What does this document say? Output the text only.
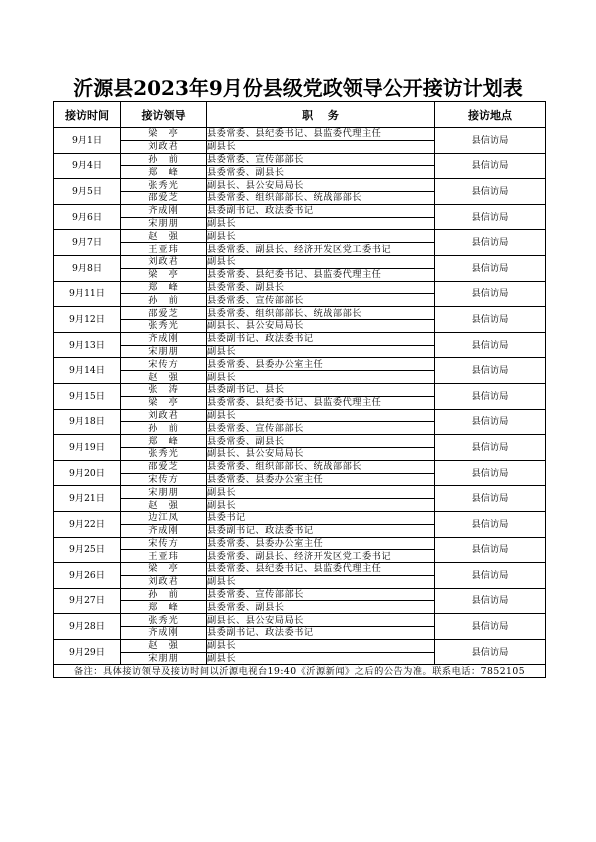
沂源县2023年9月份县级党政领导公开接访计划表
接访时间	接访领导	职　 务	接访地点
9月1日	梁　亭	县委常委、县纪委书记、县监委代理主任	县信访局
	刘政君	副县长	
9月4日	孙　前	县委常委、宣传部部长	县信访局
	郑　峰	县委常委、副县长	
9月5日	张秀光	副县长、县公安局局长	县信访局
	邵爱芝	县委常委、组织部部长、统战部部长	
9月6日	齐成刚	县委副书记、政法委书记	县信访局
	宋朋朋	副县长	
9月7日	赵　强	副县长	县信访局
	王亚玮	县委常委、副县长、经济开发区党工委书记	
9月8日	刘政君	副县长	县信访局
	梁　亭	县委常委、县纪委书记、县监委代理主任	
9月11日	郑　峰	县委常委、副县长	县信访局
	孙　前	县委常委、宣传部部长	
9月12日	邵爱芝	县委常委、组织部部长、统战部部长	县信访局
	张秀光	副县长、县公安局局长	
9月13日	齐成刚	县委副书记、政法委书记	县信访局
	宋朋朋	副县长	
9月14日	宋传方	县委常委、县委办公室主任	县信访局
	赵　强	副县长	
9月15日	张　涛	县委副书记、县长	县信访局
	梁　亭	县委常委、县纪委书记、县监委代理主任	
9月18日	刘政君	副县长	县信访局
	孙　前	县委常委、宣传部部长	
9月19日	郑　峰	县委常委、副县长	县信访局
	张秀光	副县长、县公安局局长	
9月20日	邵爱芝	县委常委、组织部部长、统战部部长	县信访局
	宋传方	县委常委、县委办公室主任	
9月21日	宋朋朋	副县长	县信访局
	赵　强	副县长	
9月22日	边江凤	县委书记	县信访局
	齐成刚	县委副书记、政法委书记	
9月25日	宋传方	县委常委、县委办公室主任	县信访局
	王亚玮	县委常委、副县长、经济开发区党工委书记	
9月26日	梁　亭	县委常委、县纪委书记、县监委代理主任	县信访局
	刘政君	副县长	
9月27日	孙　前	县委常委、宣传部部长	县信访局
	郑　峰	县委常委、副县长	
9月28日	张秀光	副县长、县公安局局长	县信访局
	齐成刚	县委副书记、政法委书记	
9月29日	赵　强	副县长	县信访局
	宋朋朋	副县长	
备注：具体接访领导及接访时间以沂源电视台19:40《沂源新闻》之后的公告为准。联系电话：7852105			
